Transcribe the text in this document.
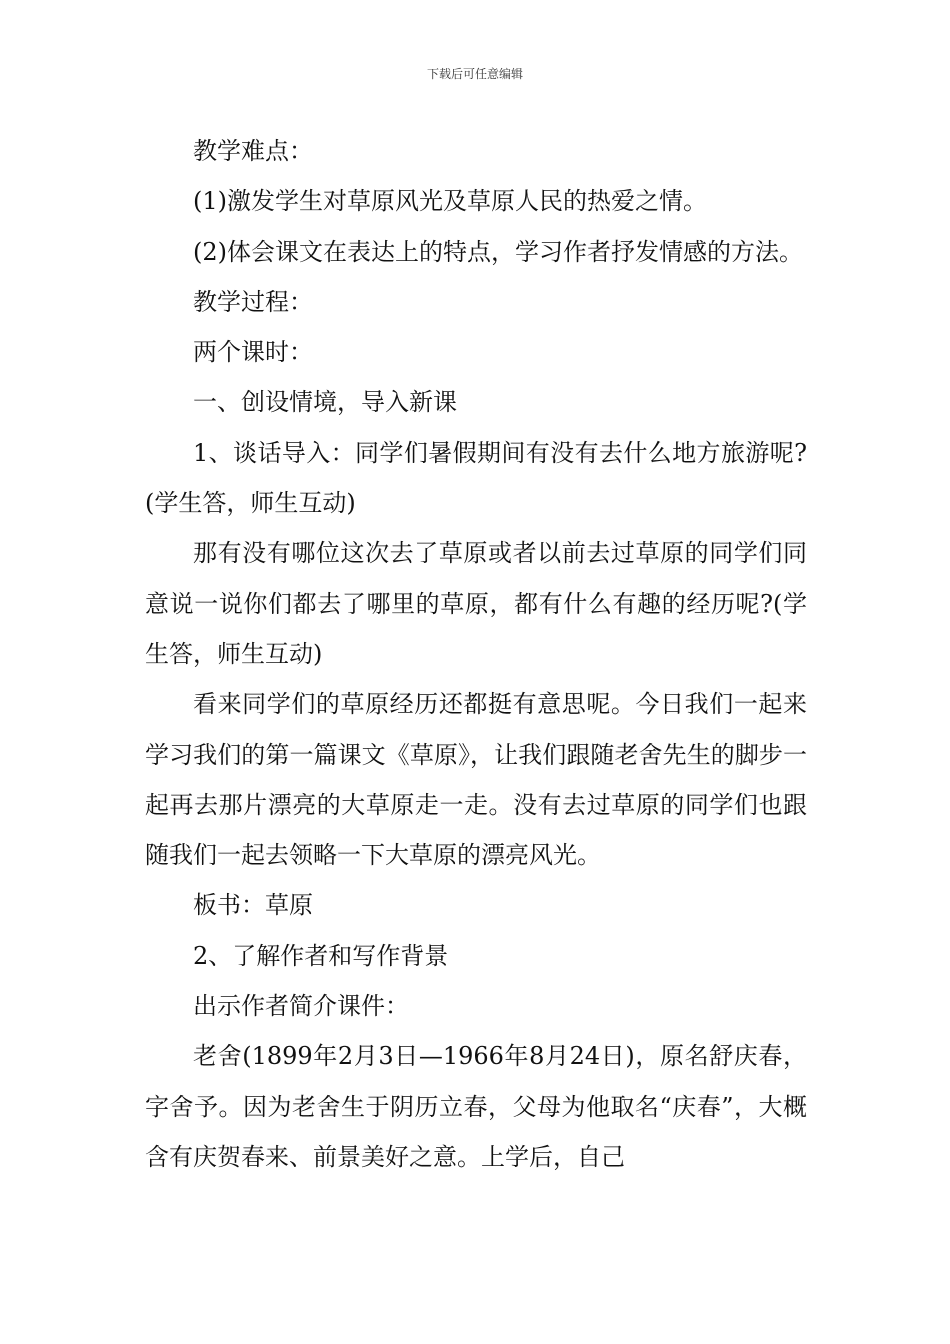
下载后可任意编辑

教学难点：

(1)激发学生对草原风光及草原人民的热爱之情。

(2)体会课文在表达上的特点，学习作者抒发情感的方法。

教学过程：

两个课时：

一、创设情境，导入新课

1、谈话导入：同学们暑假期间有没有去什么地方旅游呢?(学生答，师生互动)

那有没有哪位这次去了草原或者以前去过草原的同学们同意说一说你们都去了哪里的草原，都有什么有趣的经历呢?(学生答，师生互动)

看来同学们的草原经历还都挺有意思呢。今日我们一起来学习我们的第一篇课文《草原》，让我们跟随老舍先生的脚步一起再去那片漂亮的大草原走一走。没有去过草原的同学们也跟随我们一起去领略一下大草原的漂亮风光。

板书：草原

2、了解作者和写作背景

出示作者简介课件：

老舍(1899年2月3日—1966年8月24日)，原名舒庆春，字舍予。因为老舍生于阴历立春，父母为他取名“庆春”，大概含有庆贺春来、前景美好之意。上学后，自己
